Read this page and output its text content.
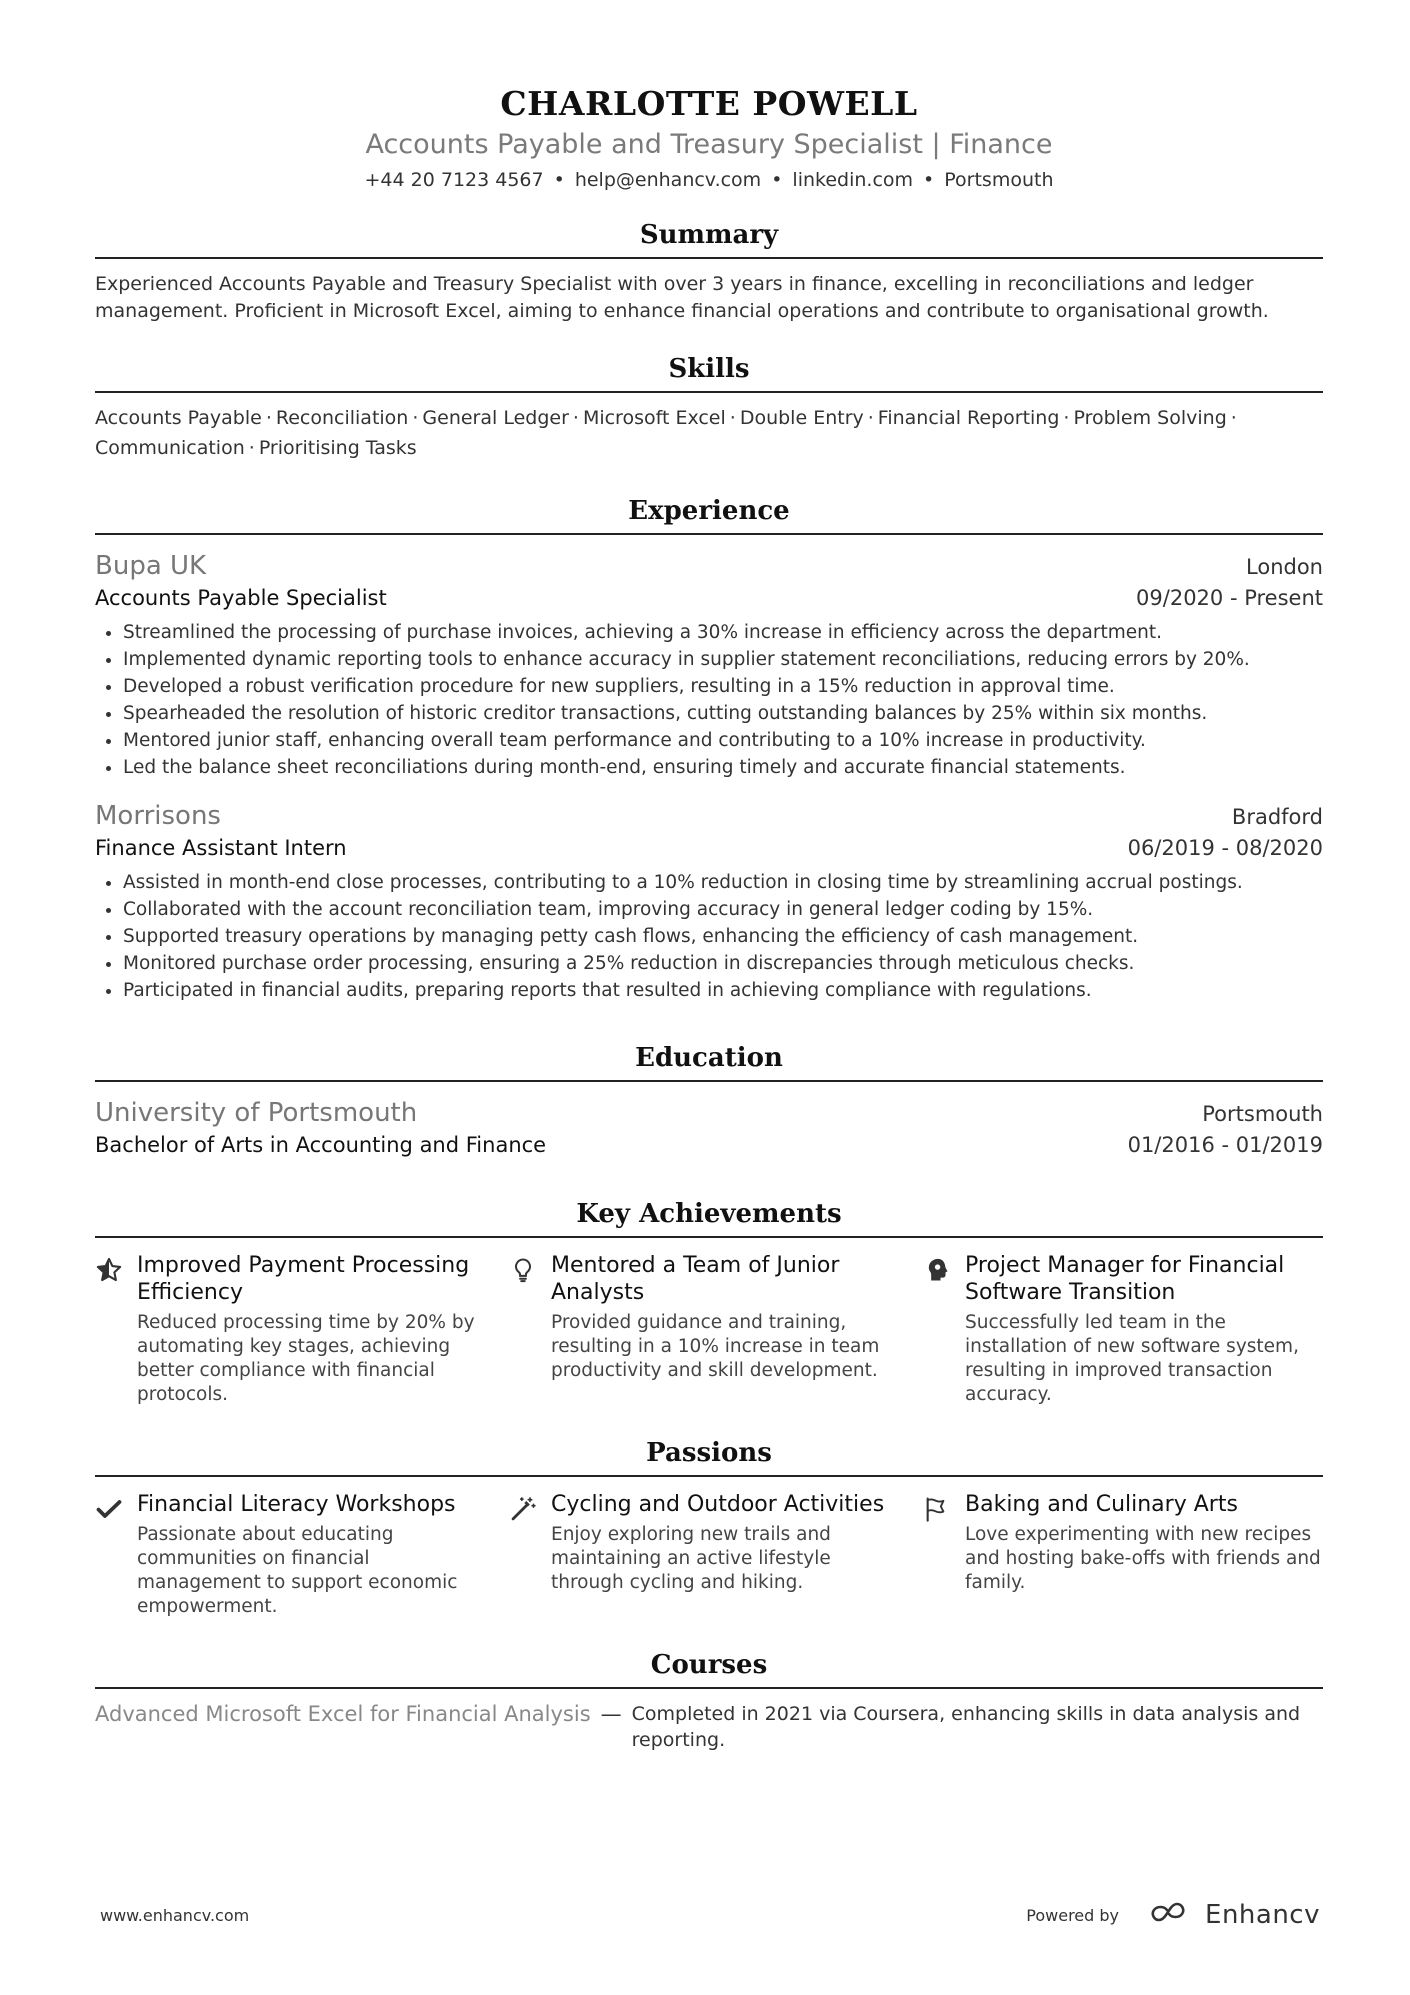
CHARLOTTE POWELL
Accounts Payable and Treasury Specialist | Finance
+44 20 7123 4567 • help@enhancv.com • linkedin.com • Portsmouth
Summary
Experienced Accounts Payable and Treasury Specialist with over 3 years in finance, excelling in reconciliations and ledger management. Proficient in Microsoft Excel, aiming to enhance financial operations and contribute to organisational growth.
Skills
Accounts Payable · Reconciliation · General Ledger · Microsoft Excel · Double Entry · Financial Reporting · Problem Solving ·
Communication · Prioritising Tasks
Experience
Bupa UK	London
Accounts Payable Specialist	09/2020 - Present
• Streamlined the processing of purchase invoices, achieving a 30% increase in efficiency across the department.
• Implemented dynamic reporting tools to enhance accuracy in supplier statement reconciliations, reducing errors by 20%.
• Developed a robust verification procedure for new suppliers, resulting in a 15% reduction in approval time.
• Spearheaded the resolution of historic creditor transactions, cutting outstanding balances by 25% within six months.
• Mentored junior staff, enhancing overall team performance and contributing to a 10% increase in productivity.
• Led the balance sheet reconciliations during month-end, ensuring timely and accurate financial statements.
Morrisons	Bradford
Finance Assistant Intern	06/2019 - 08/2020
• Assisted in month-end close processes, contributing to a 10% reduction in closing time by streamlining accrual postings.
• Collaborated with the account reconciliation team, improving accuracy in general ledger coding by 15%.
• Supported treasury operations by managing petty cash flows, enhancing the efficiency of cash management.
• Monitored purchase order processing, ensuring a 25% reduction in discrepancies through meticulous checks.
• Participated in financial audits, preparing reports that resulted in achieving compliance with regulations.
Education
University of Portsmouth	Portsmouth
Bachelor of Arts in Accounting and Finance	01/2016 - 01/2019
Key Achievements
Improved Payment Processing Efficiency
Reduced processing time by 20% by automating key stages, achieving better compliance with financial protocols.
Mentored a Team of Junior Analysts
Provided guidance and training, resulting in a 10% increase in team productivity and skill development.
Project Manager for Financial Software Transition
Successfully led team in the installation of new software system, resulting in improved transaction accuracy.
Passions
Financial Literacy Workshops
Passionate about educating communities on financial management to support economic empowerment.
Cycling and Outdoor Activities
Enjoy exploring new trails and maintaining an active lifestyle through cycling and hiking.
Baking and Culinary Arts
Love experimenting with new recipes and hosting bake-offs with friends and family.
Courses
Advanced Microsoft Excel for Financial Analysis — Completed in 2021 via Coursera, enhancing skills in data analysis and reporting.
www.enhancv.com	Powered by	Enhancv
